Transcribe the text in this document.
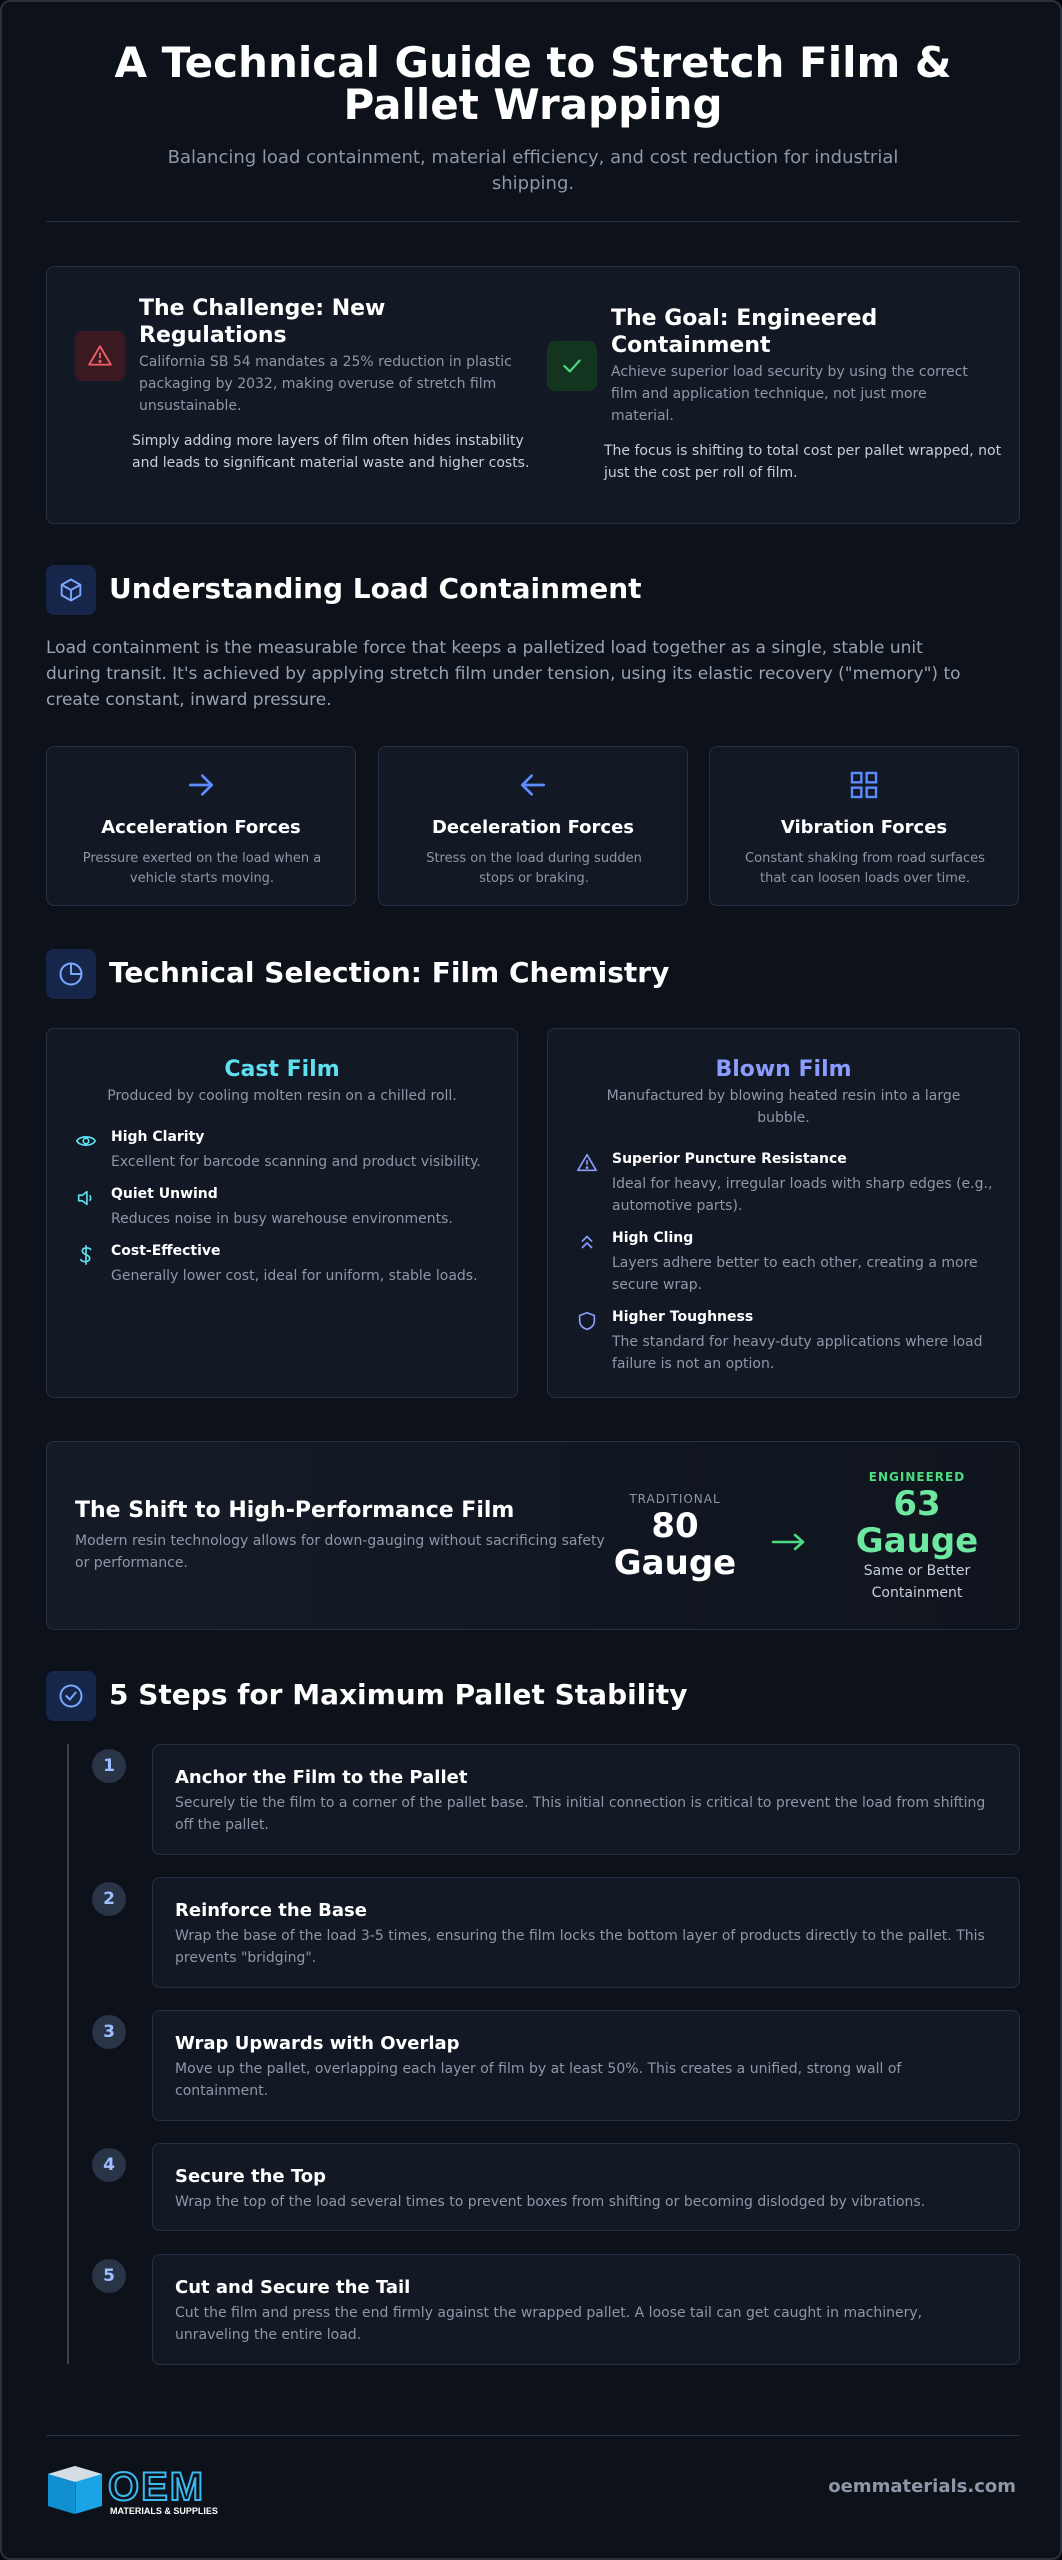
A Technical Guide to Stretch Film & Pallet Wrapping
Balancing load containment, material efficiency, and cost reduction for industrial shipping.
The Challenge: New Regulations
California SB 54 mandates a 25% reduction in plastic packaging by 2032, making overuse of stretch film unsustainable.
Simply adding more layers of film often hides instability and leads to significant material waste and higher costs.
The Goal: Engineered Containment
Achieve superior load security by using the correct film and application technique, not just more material.
The focus is shifting to total cost per pallet wrapped, not just the cost per roll of film.
Understanding Load Containment
Load containment is the measurable force that keeps a palletized load together as a single, stable unit during transit. It's achieved by applying stretch film under tension, using its elastic recovery ("memory") to create constant, inward pressure.
Acceleration Forces
Pressure exerted on the load when a vehicle starts moving.
Deceleration Forces
Stress on the load during sudden stops or braking.
Vibration Forces
Constant shaking from road surfaces that can loosen loads over time.
Technical Selection: Film Chemistry
Cast Film
Produced by cooling molten resin on a chilled roll.
High Clarity
Excellent for barcode scanning and product visibility.
Quiet Unwind
Reduces noise in busy warehouse environments.
Cost-Effective
Generally lower cost, ideal for uniform, stable loads.
Blown Film
Manufactured by blowing heated resin into a large bubble.
Superior Puncture Resistance
Ideal for heavy, irregular loads with sharp edges (e.g., automotive parts).
High Cling
Layers adhere better to each other, creating a more secure wrap.
Higher Toughness
The standard for heavy-duty applications where load failure is not an option.
The Shift to High-Performance Film
Modern resin technology allows for down-gauging without sacrificing safety or performance.
TRADITIONAL
80 Gauge
ENGINEERED
63 Gauge
Same or Better Containment
5 Steps for Maximum Pallet Stability
1
Anchor the Film to the Pallet
Securely tie the film to a corner of the pallet base. This initial connection is critical to prevent the load from shifting off the pallet.
2
Reinforce the Base
Wrap the base of the load 3-5 times, ensuring the film locks the bottom layer of products directly to the pallet. This prevents "bridging".
3
Wrap Upwards with Overlap
Move up the pallet, overlapping each layer of film by at least 50%. This creates a unified, strong wall of containment.
4
Secure the Top
Wrap the top of the load several times to prevent boxes from shifting or becoming dislodged by vibrations.
5
Cut and Secure the Tail
Cut the film and press the end firmly against the wrapped pallet. A loose tail can get caught in machinery, unraveling the entire load.
OEM
MATERIALS & SUPPLIES
oemmaterials.com
